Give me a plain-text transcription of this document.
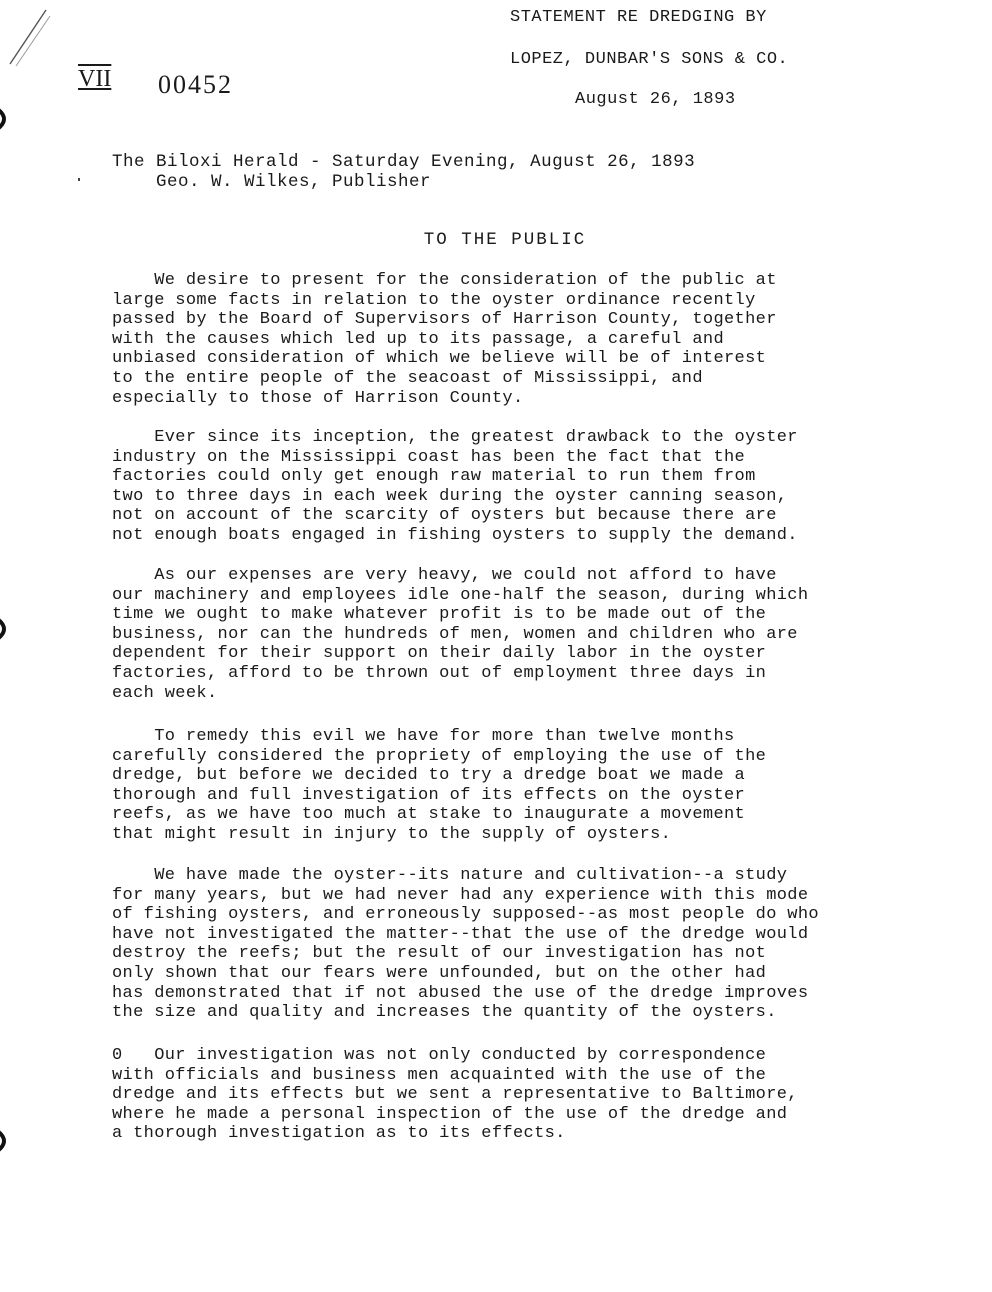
STATEMENT RE DREDGING BY
LOPEZ, DUNBAR'S SONS & CO.
August 26, 1893
VII 00452
The Biloxi Herald - Saturday Evening, August 26, 1893
Geo. W. Wilkes, Publisher
TO THE PUBLIC
We desire to present for the consideration of the public at
large some facts in relation to the oyster ordinance recently
passed by the Board of Supervisors of Harrison County, together
with the causes which led up to its passage, a careful and
unbiased consideration of which we believe will be of interest
to the entire people of the seacoast of Mississippi, and
especially to those of Harrison County.
Ever since its inception, the greatest drawback to the oyster
industry on the Mississippi coast has been the fact that the
factories could only get enough raw material to run them from
two to three days in each week during the oyster canning season,
not on account of the scarcity of oysters but because there are
not enough boats engaged in fishing oysters to supply the demand.
As our expenses are very heavy, we could not afford to have
our machinery and employees idle one-half the season, during which
time we ought to make whatever profit is to be made out of the
business, nor can the hundreds of men, women and children who are
dependent for their support on their daily labor in the oyster
factories, afford to be thrown out of employment three days in
each week.
To remedy this evil we have for more than twelve months
carefully considered the propriety of employing the use of the
dredge, but before we decided to try a dredge boat we made a
thorough and full investigation of its effects on the oyster
reefs, as we have too much at stake to inaugurate a movement
that might result in injury to the supply of oysters.
We have made the oyster--its nature and cultivation--a study
for many years, but we had never had any experience with this mode
of fishing oysters, and erroneously supposed--as most people do who
have not investigated the matter--that the use of the dredge would
destroy the reefs; but the result of our investigation has not
only shown that our fears were unfounded, but on the other had
has demonstrated that if not abused the use of the dredge improves
the size and quality and increases the quantity of the oysters.
0   Our investigation was not only conducted by correspondence
with officials and business men acquainted with the use of the
dredge and its effects but we sent a representative to Baltimore,
where he made a personal inspection of the use of the dredge and
a thorough investigation as to its effects.
